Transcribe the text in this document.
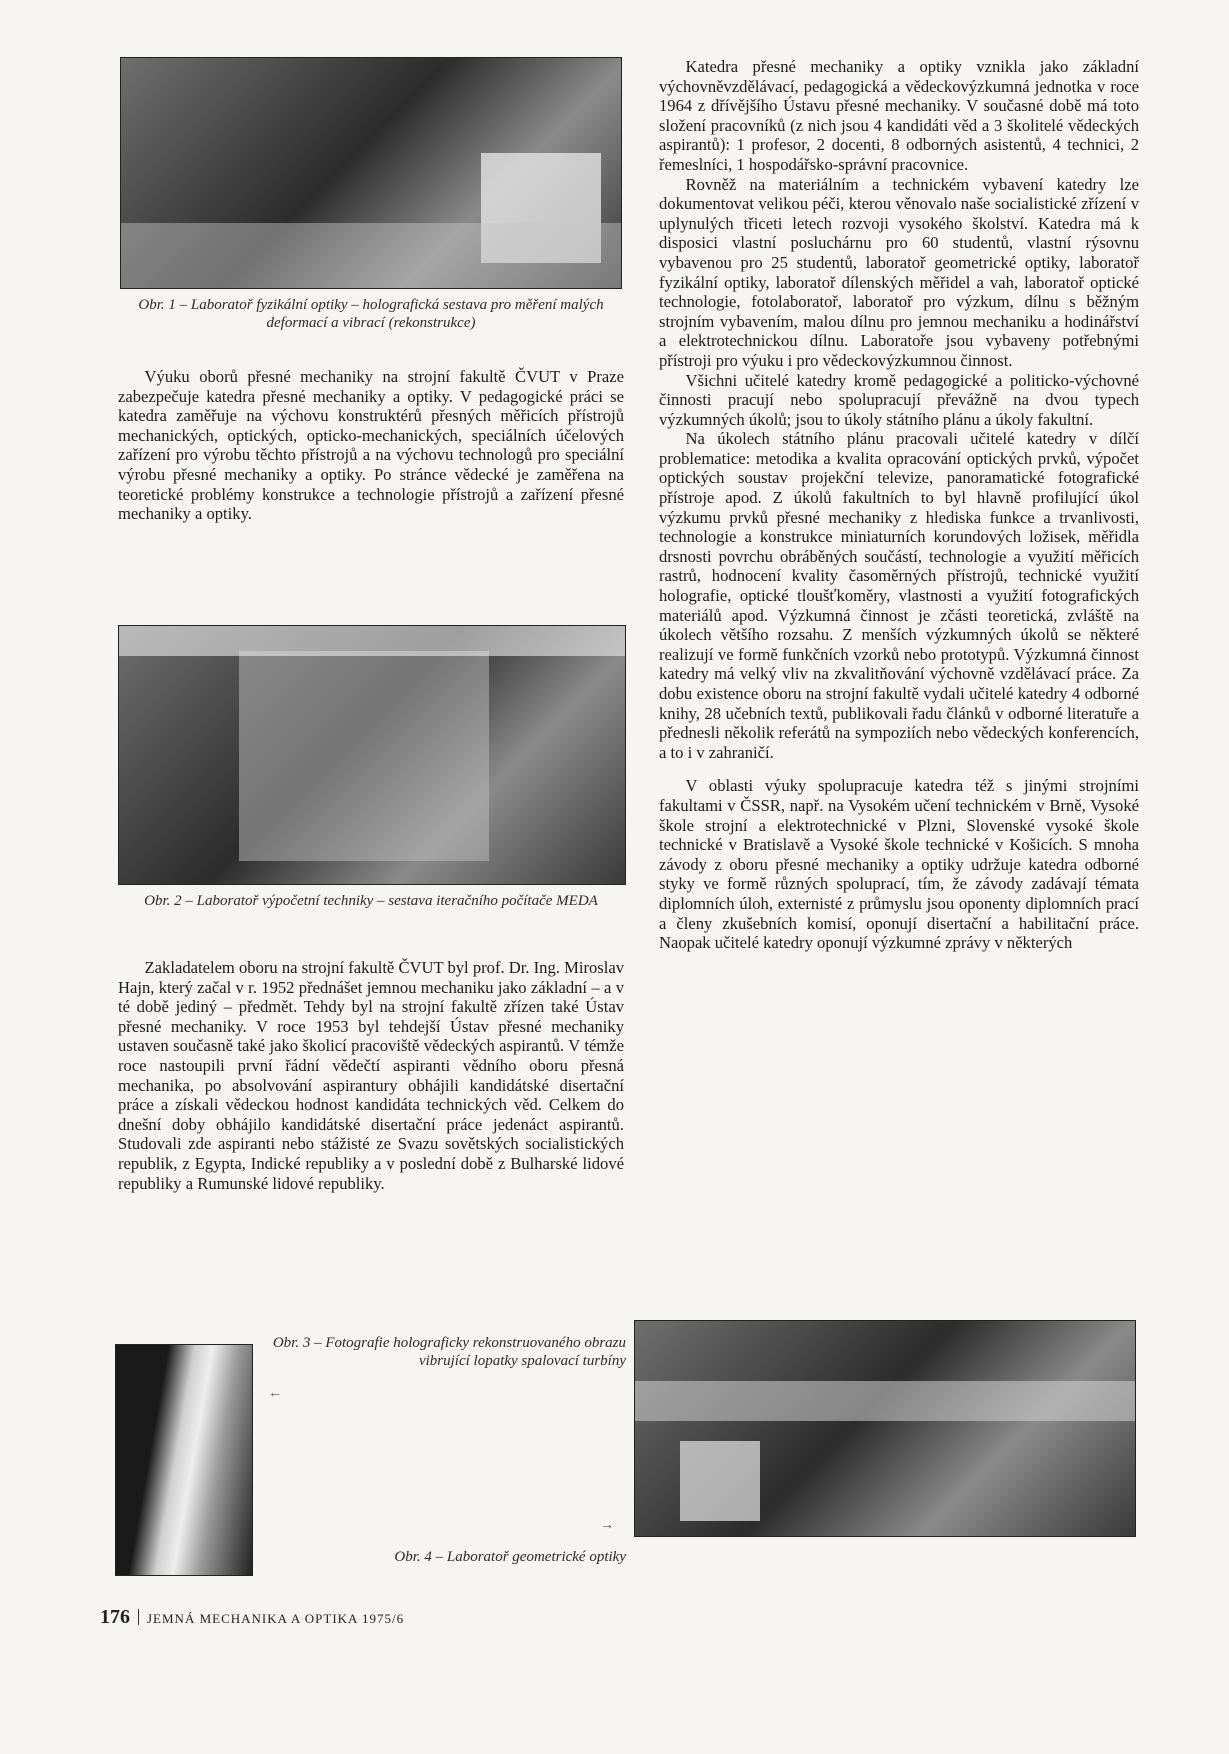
Obr. 1 – Laboratoř fyzikální optiky – holografická sestava pro měření malých deformací a vibrací (rekonstrukce)

Výuku oborů přesné mechaniky na strojní fakultě ČVUT v Praze zabezpečuje katedra přesné mechaniky a optiky. V pedagogické práci se katedra zaměřuje na výchovu konstruktérů přesných měřicích přístrojů mechanických, optických, opticko-mechanických, speciálních účelových zařízení pro výrobu těchto přístrojů a na výchovu technologů pro speciální výrobu přesné mechaniky a optiky. Po stránce vědecké je zaměřena na teoretické problémy konstrukce a technologie přístrojů a zařízení přesné mechaniky a optiky.

Obr. 2 – Laboratoř výpočetní techniky – sestava iteračního počítače MEDA

Zakladatelem oboru na strojní fakultě ČVUT byl prof. Dr. Ing. Miroslav Hajn, který začal v r. 1952 přednášet jemnou mechaniku jako základní – a v té době jediný – předmět. Tehdy byl na strojní fakultě zřízen také Ústav přesné mechaniky. V roce 1953 byl tehdejší Ústav přesné mechaniky ustaven současně také jako školicí pracoviště vědeckých aspirantů. V témže roce nastoupili první řádní vědečtí aspiranti vědního oboru přesná mechanika, po absolvování aspirantury obhájili kandidátské disertační práce a získali vědeckou hodnost kandidáta technických věd. Celkem do dnešní doby obhájilo kandidátské disertační práce jedenáct aspirantů. Studovali zde aspiranti nebo stážisté ze Svazu sovětských socialistických republik, z Egypta, Indické republiky a v poslední době z Bulharské lidové republiky a Rumunské lidové republiky.

Obr. 3 – Fotografie holograficky rekonstruovaného obrazu vibrující lopatky spalovací turbíny
←

Katedra přesné mechaniky a optiky vznikla jako základní výchovněvzdělávací, pedagogická a vědeckovýzkumná jednotka v roce 1964 z dřívějšího Ústavu přesné mechaniky. V současné době má toto složení pracovníků (z nich jsou 4 kandidáti věd a 3 školitelé vědeckých aspirantů): 1 profesor, 2 docenti, 8 odborných asistentů, 4 technici, 2 řemeslníci, 1 hospodářsko-správní pracovnice.

Rovněž na materiálním a technickém vybavení katedry lze dokumentovat velikou péči, kterou věnovalo naše socialistické zřízení v uplynulých třiceti letech rozvoji vysokého školství. Katedra má k disposici vlastní posluchárnu pro 60 studentů, vlastní rýsovnu vybavenou pro 25 studentů, laboratoř geometrické optiky, laboratoř fyzikální optiky, laboratoř dílenských měřidel a vah, laboratoř optické technologie, fotolaboratoř, laboratoř pro výzkum, dílnu s běžným strojním vybavením, malou dílnu pro jemnou mechaniku a hodinářství a elektrotechnickou dílnu. Laboratoře jsou vybaveny potřebnými přístroji pro výuku i pro vědeckovýzkumnou činnost.

Všichni učitelé katedry kromě pedagogické a politicko-výchovné činnosti pracují nebo spolupracují převážně na dvou typech výzkumných úkolů; jsou to úkoly státního plánu a úkoly fakultní.

Na úkolech státního plánu pracovali učitelé katedry v dílčí problematice: metodika a kvalita opracování optických prvků, výpočet optických soustav projekční televize, panoramatické fotografické přístroje apod. Z úkolů fakultních to byl hlavně profilující úkol výzkumu prvků přesné mechaniky z hlediska funkce a trvanlivosti, technologie a konstrukce miniaturních korundových ložisek, měřidla drsnosti povrchu obráběných součástí, technologie a využití měřicích rastrů, hodnocení kvality časoměrných přístrojů, technické využití holografie, optické tloušťkoměry, vlastnosti a využití fotografických materiálů apod. Výzkumná činnost je zčásti teoretická, zvláště na úkolech většího rozsahu. Z menších výzkumných úkolů se některé realizují ve formě funkčních vzorků nebo prototypů. Výzkumná činnost katedry má velký vliv na zkvalitňování výchovně vzdělávací práce. Za dobu existence oboru na strojní fakultě vydali učitelé katedry 4 odborné knihy, 28 učebních textů, publikovali řadu článků v odborné literatuře a přednesli několik referátů na sympoziích nebo vědeckých konferencích, a to i v zahraničí.

V oblasti výuky spolupracuje katedra též s jinými strojními fakultami v ČSSR, např. na Vysokém učení technickém v Brně, Vysoké škole strojní a elektrotechnické v Plzni, Slovenské vysoké škole technické v Bratislavě a Vysoké škole technické v Košicích. S mnoha závody z oboru přesné mechaniky a optiky udržuje katedra odborné styky ve formě různých spoluprací, tím, že závody zadávají témata diplomních úloh, externisté z průmyslu jsou oponenty diplomních prací a členy zkušebních komisí, oponují disertační a habilitační práce. Naopak učitelé katedry oponují výzkumné zprávy v některých

→
Obr. 4 – Laboratoř geometrické optiky
176 JEMNÁ MECHANIKA A OPTIKA 1975/6
